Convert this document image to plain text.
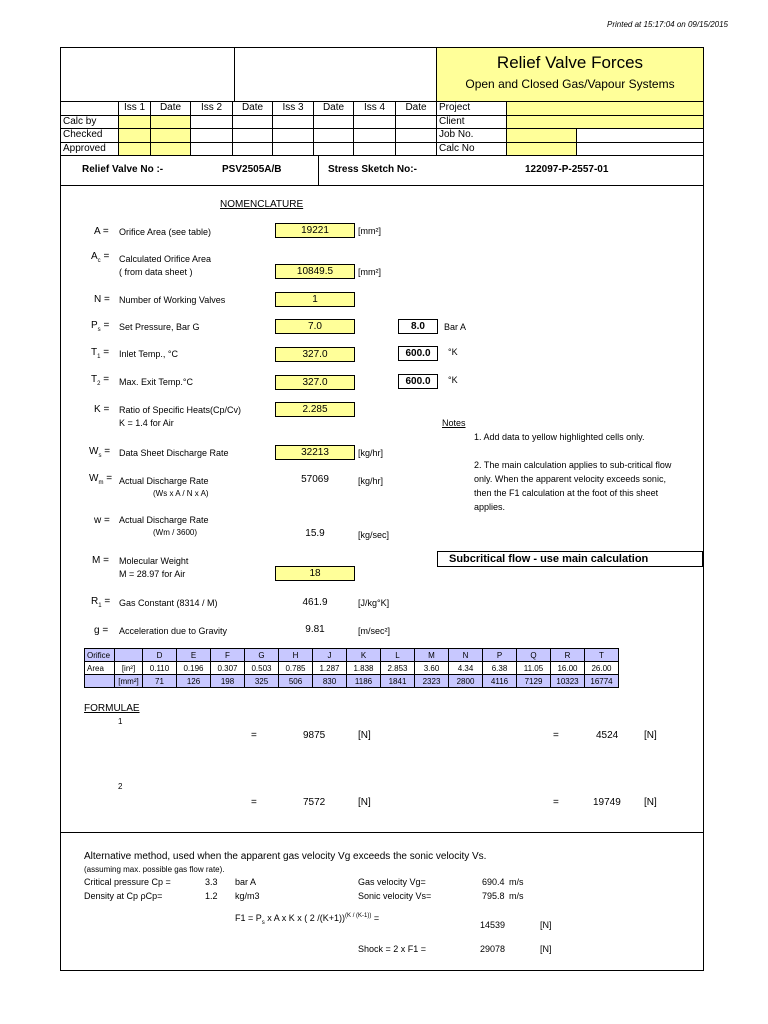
Printed at 15:17:04 on 09/15/2015
Relief Valve Forces
Open and Closed Gas/Vapour Systems
	Iss 1	Date	Iss 2	Date	Iss 3	Date	Iss 4	Date	Project		
Calc by									Client		
Checked									Job No.		
Approved									Calc No		
Relief Valve No :-	PSV2505A/B	Stress Sketch No:-	122097-P-2557-01
NOMENCLATURE
A = Orifice Area (see table)	19221	[mm²]
$A_c$ = Calculated Orifice Area
( from data sheet )	10849.5	[mm²]
N = Number of Working Valves	1
$P_s$ = Set Pressure, Bar G	7.0	8.0	Bar A
$T_1$ = Inlet Temp., °C	327.0	600.0	°K
$T_2$ = Max. Exit Temp.°C	327.0	600.0	°K
K = Ratio of Specific Heats(Cp/Cv)
K = 1.4 for Air
2.285
Notes
1. Add data to yellow highlighted cells only.
2. The main calculation applies to sub-critical flow
only. When the apparent velocity exceeds sonic,
then the F1 calculation at the foot of this sheet
applies.
$W_s$ = Data Sheet Discharge Rate	32213	[kg/hr]
$W_m$ = Actual Discharge Rate
(Ws x A / N x A)
57069	[kg/hr]
w = Actual Discharge Rate
(Wm / 3600)	15.9	[kg/sec]
Subcritical flow - use main calculation
M = Molecular Weight
M = 28.97 for Air	18
$R_1$ = Gas Constant (8314 / M)	461.9	[J/kg°K]
g = Acceleration due to Gravity	9.81	[m/sec²]
Orifice		D	E	F	G	H	J	K	L	M	N	P	Q	R	T
Area	[in²]	0.110	0.196	0.307	0.503	0.785	1.287	1.838	2.853	3.60	4.34	6.38	11.05	16.00	26.00
	[mm²]	71	126	198	325	506	830	1186	1841	2323	2800	4116	7129	10323	16774
FORMULAE
1
=	9875	[N]	=	4524	[N]
2
=	7572	[N]	=	19749 [N]
Alternative method, used when the apparent gas velocity Vg exceeds the sonic velocity Vs.
(assuming max. possible gas flow rate).
Critical pressure Cp =	3.3 bar A
Density at Cp ρCp=	1.2 kg/m3
Gas velocity Vg=	690.4 m/s
Sonic velocity Vs=	795.8 m/s
$F1 = P_s$ x A x K x ( 2 /(K+1))$^{(K / (K-1))}$ =
14539	[N]
Shock = 2 x F1 =	29078	[N]
